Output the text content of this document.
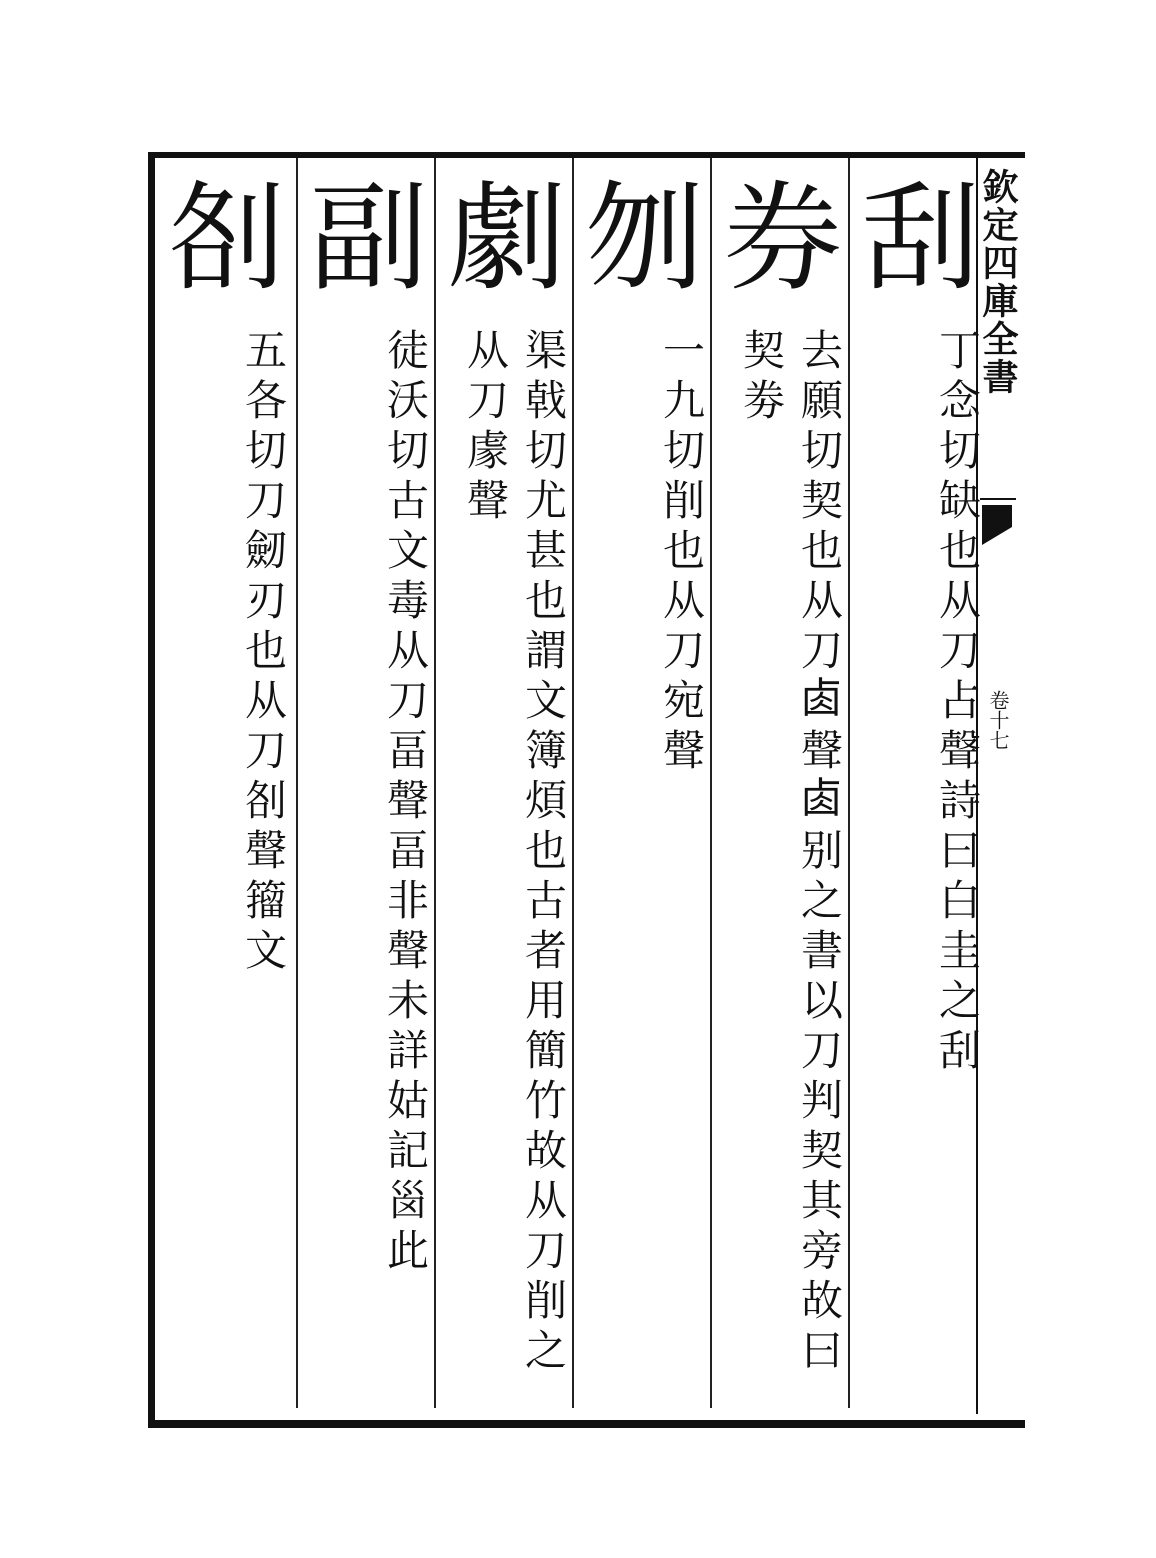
欽定四庫全書
卷十七
刮
丁念切缺也从刀占聲詩曰白圭之刮
券
去願切契也从刀𠧪聲𠧪别之書以刀判契其旁故曰契劵
刎
一九切削也从刀宛聲
劇
渠戟切尤甚也謂文簿煩也古者用簡竹故从刀削之从刀豦聲
副
徒沃切古文毒从刀畐聲畐非聲未詳姑記𡿺此
㓢
五各切刀劒刃也从刀㓢聲籀文
